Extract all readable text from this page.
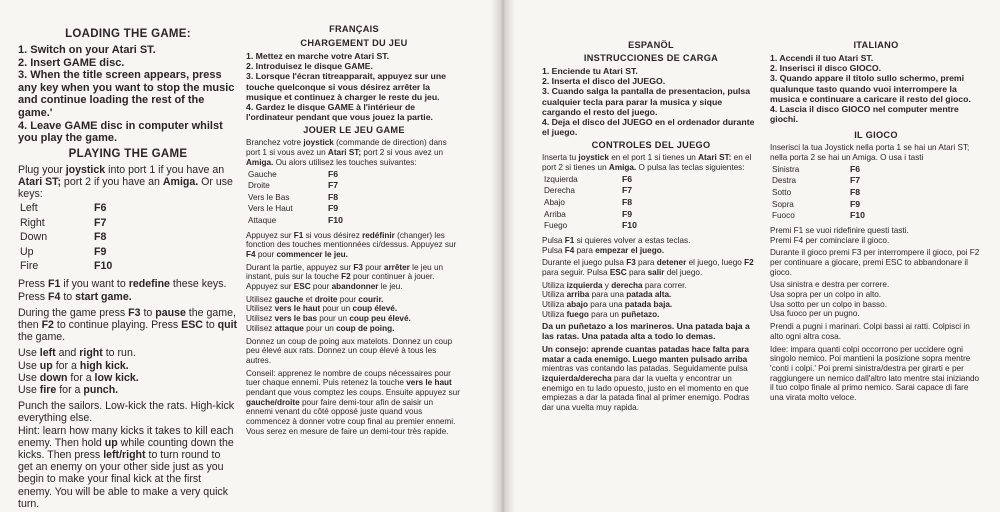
LOADING THE GAME:
1. Switch on your Atari ST.
2. Insert GAME disc.
3. When the title screen appears, press any key when you want to stop the music and continue loading the rest of the game.'
4. Leave GAME disc in computer whilst you play the game.
PLAYING THE GAME

Plug your joystick into port 1 if you have an Atari ST; port 2 if you have an Amiga. Or use keys:

Left	F6
Right	F7
Down	F8
Up	F9
Fire	F10

Press F1 if you want to redefine these keys.

Press F4 to start game.

During the game press F3 to pause the game, then F2 to continue playing. Press ESC to quit the game.

Use left and right to run.

Use up for a high kick.

Use down for a low kick.

Use fire for a punch.

Punch the sailors. Low-kick the rats. High-kick everything else.

Hint: learn how many kicks it takes to kill each enemy. Then hold up while counting down the kicks. Then press left/right to turn round to get an enemy on your other side just as you begin to make your final kick at the first enemy. You will be able to make a very quick turn.

FRANÇAIS
CHARGEMENT DU JEU
1. Mettez en marche votre Atari ST.
2. Introduisez le disque GAME.
3. Lorsque l'écran titreapparait, appuyez sur une touche quelconque si vous désirez arrêter la musique et continuez à charger le reste du jeu.
4. Gardez le disque GAME à l'intérieur de l'ordinateur pendant que vous jouez la partie.
JOUER LE JEU GAME

Branchez votre joystick (commande de direction) dans port 1 si vous avez un Atari ST; port 2 si vous avez un Amiga. Ou alors utilisez les touches suivantes:

Gauche	F6
Droite	F7
Vers le Bas	F8
Vers le Haut	F9
Attaque	F10

Appuyez sur F1 si vous désirez redéfinir (changer) les fonction des touches mentionnées ci/dessus. Appuyez sur F4 pour commencer le jeu.

Durant la partie, appuyez sur F3 pour arrêter le jeu un instant, puis sur la touche F2 pour continuer à jouer. Appuyez sur ESC pour abandonner le jeu.

Utilisez gauche et droite pour courir.

Utilisez vers le haut pour un coup élevé.

Utilisez vers le bas pour un coup peu élevé.

Utilisez attaque pour un coup de poing.

Donnez un coup de poing aux matelots. Donnez un coup peu élevé aux rats. Donnez un coup élevé à tous les autres.

Conseil: apprenez le nombre de coups nécessaires pour tuer chaque ennemi. Puis retenez la touche vers le haut pendant que vous comptez les coups. Ensuite appuyez sur gauche/droite pour faire demi-tour afin de saisir un ennemi venant du côté opposé juste quand vous commencez à donner votre coup final au premier ennemi. Vous serez en mesure de faire un demi-tour très rapide.

ESPANÖL
INSTRUCCIONES DE CARGA
1. Enciende tu Atari ST.
2. Inserta el disco del JUEGO.
3. Cuando salga la pantalla de presentacion, pulsa cualquier tecla para parar la musica y sique cargando el resto del juego.
4. Deja el disco del JUEGO en el ordenador durante el juego.
CONTROLES DEL JUEGO

Inserta tu joystick en el port 1 si tienes un Atari ST: en el port 2 si tienes un Amiga. O pulsa las teclas siguientes:

Izquierda	F6
Derecha	F7
Abajo	F8
Arriba	F9
Fuego	F10

Pulsa F1 si quieres volver a estas teclas.

Pulsa F4 para empezar el juego.

Durante el juego pulsa F3 para detener el juego, luego F2 para seguir. Pulsa ESC para salir del juego.

Utiliza izquierda y derecha para correr.

Utiliza arriba para una patada alta.

Utiliza abajo para una patada baja.

Utiliza fuego para un puñetazo.

Da un puñetazo a los marineros. Una patada baja a las ratas. Una patada alta a todo lo demas.

Un consejo: aprende cuantas patadas hace falta para matar a cada enemigo. Luego manten pulsado arriba mientras vas contando las patadas. Seguidamente pulsa izquierda/derecha para dar la vuelta y encontrar un enemigo en tu lado opuesto, justo en el momento en que empiezas a dar la patada final al primer enemigo. Podras dar una vuelta muy rapida.

ITALIANO
1. Accendi il tuo Atari ST.
2. Inserisci il disco GIOCO.
3. Quando appare il titolo sullo schermo, premi qualunque tasto quando vuoi interrompere la musica e continuare a caricare il resto del gioco.
4. Lascia il disco GIOCO nel computer mentre giochi.
IL GIOCO

Inserisci la tua Joystick nella porta 1 se hai un Atari ST; nella porta 2 se hai un Amiga. O usa i tasti

Sinistra	F6
Destra	F7
Sotto	F8
Sopra	F9
Fuoco	F10

Premi F1 se vuoi ridefinire questi tasti.

Premi F4 per cominciare il gioco.

Durante il gioco premi F3 per interrompere il gioco, poi F2 per continuare a giocare, premi ESC to abbandonare il gioco.

Usa sinistra e destra per correre.

Usa sopra per un colpo in alto.

Usa sotto per un colpo in basso.

Usa fuoco per un pugno.

Prendi a pugni i marinari. Colpi bassi ai ratti. Colpisci in alto ogni altra cosa.

Idee: impara quanti colpi occorrono per uccidere ogni singolo nemico. Poi mantieni la posizione sopra mentre 'conti i colpi.' Poi premi sinistra/destra per girarti e per raggiungere un nemico dall'altro lato mentre stai iniziando il tuo colpo finale al primo nemico. Sarai capace di fare una virata molto veloce.
